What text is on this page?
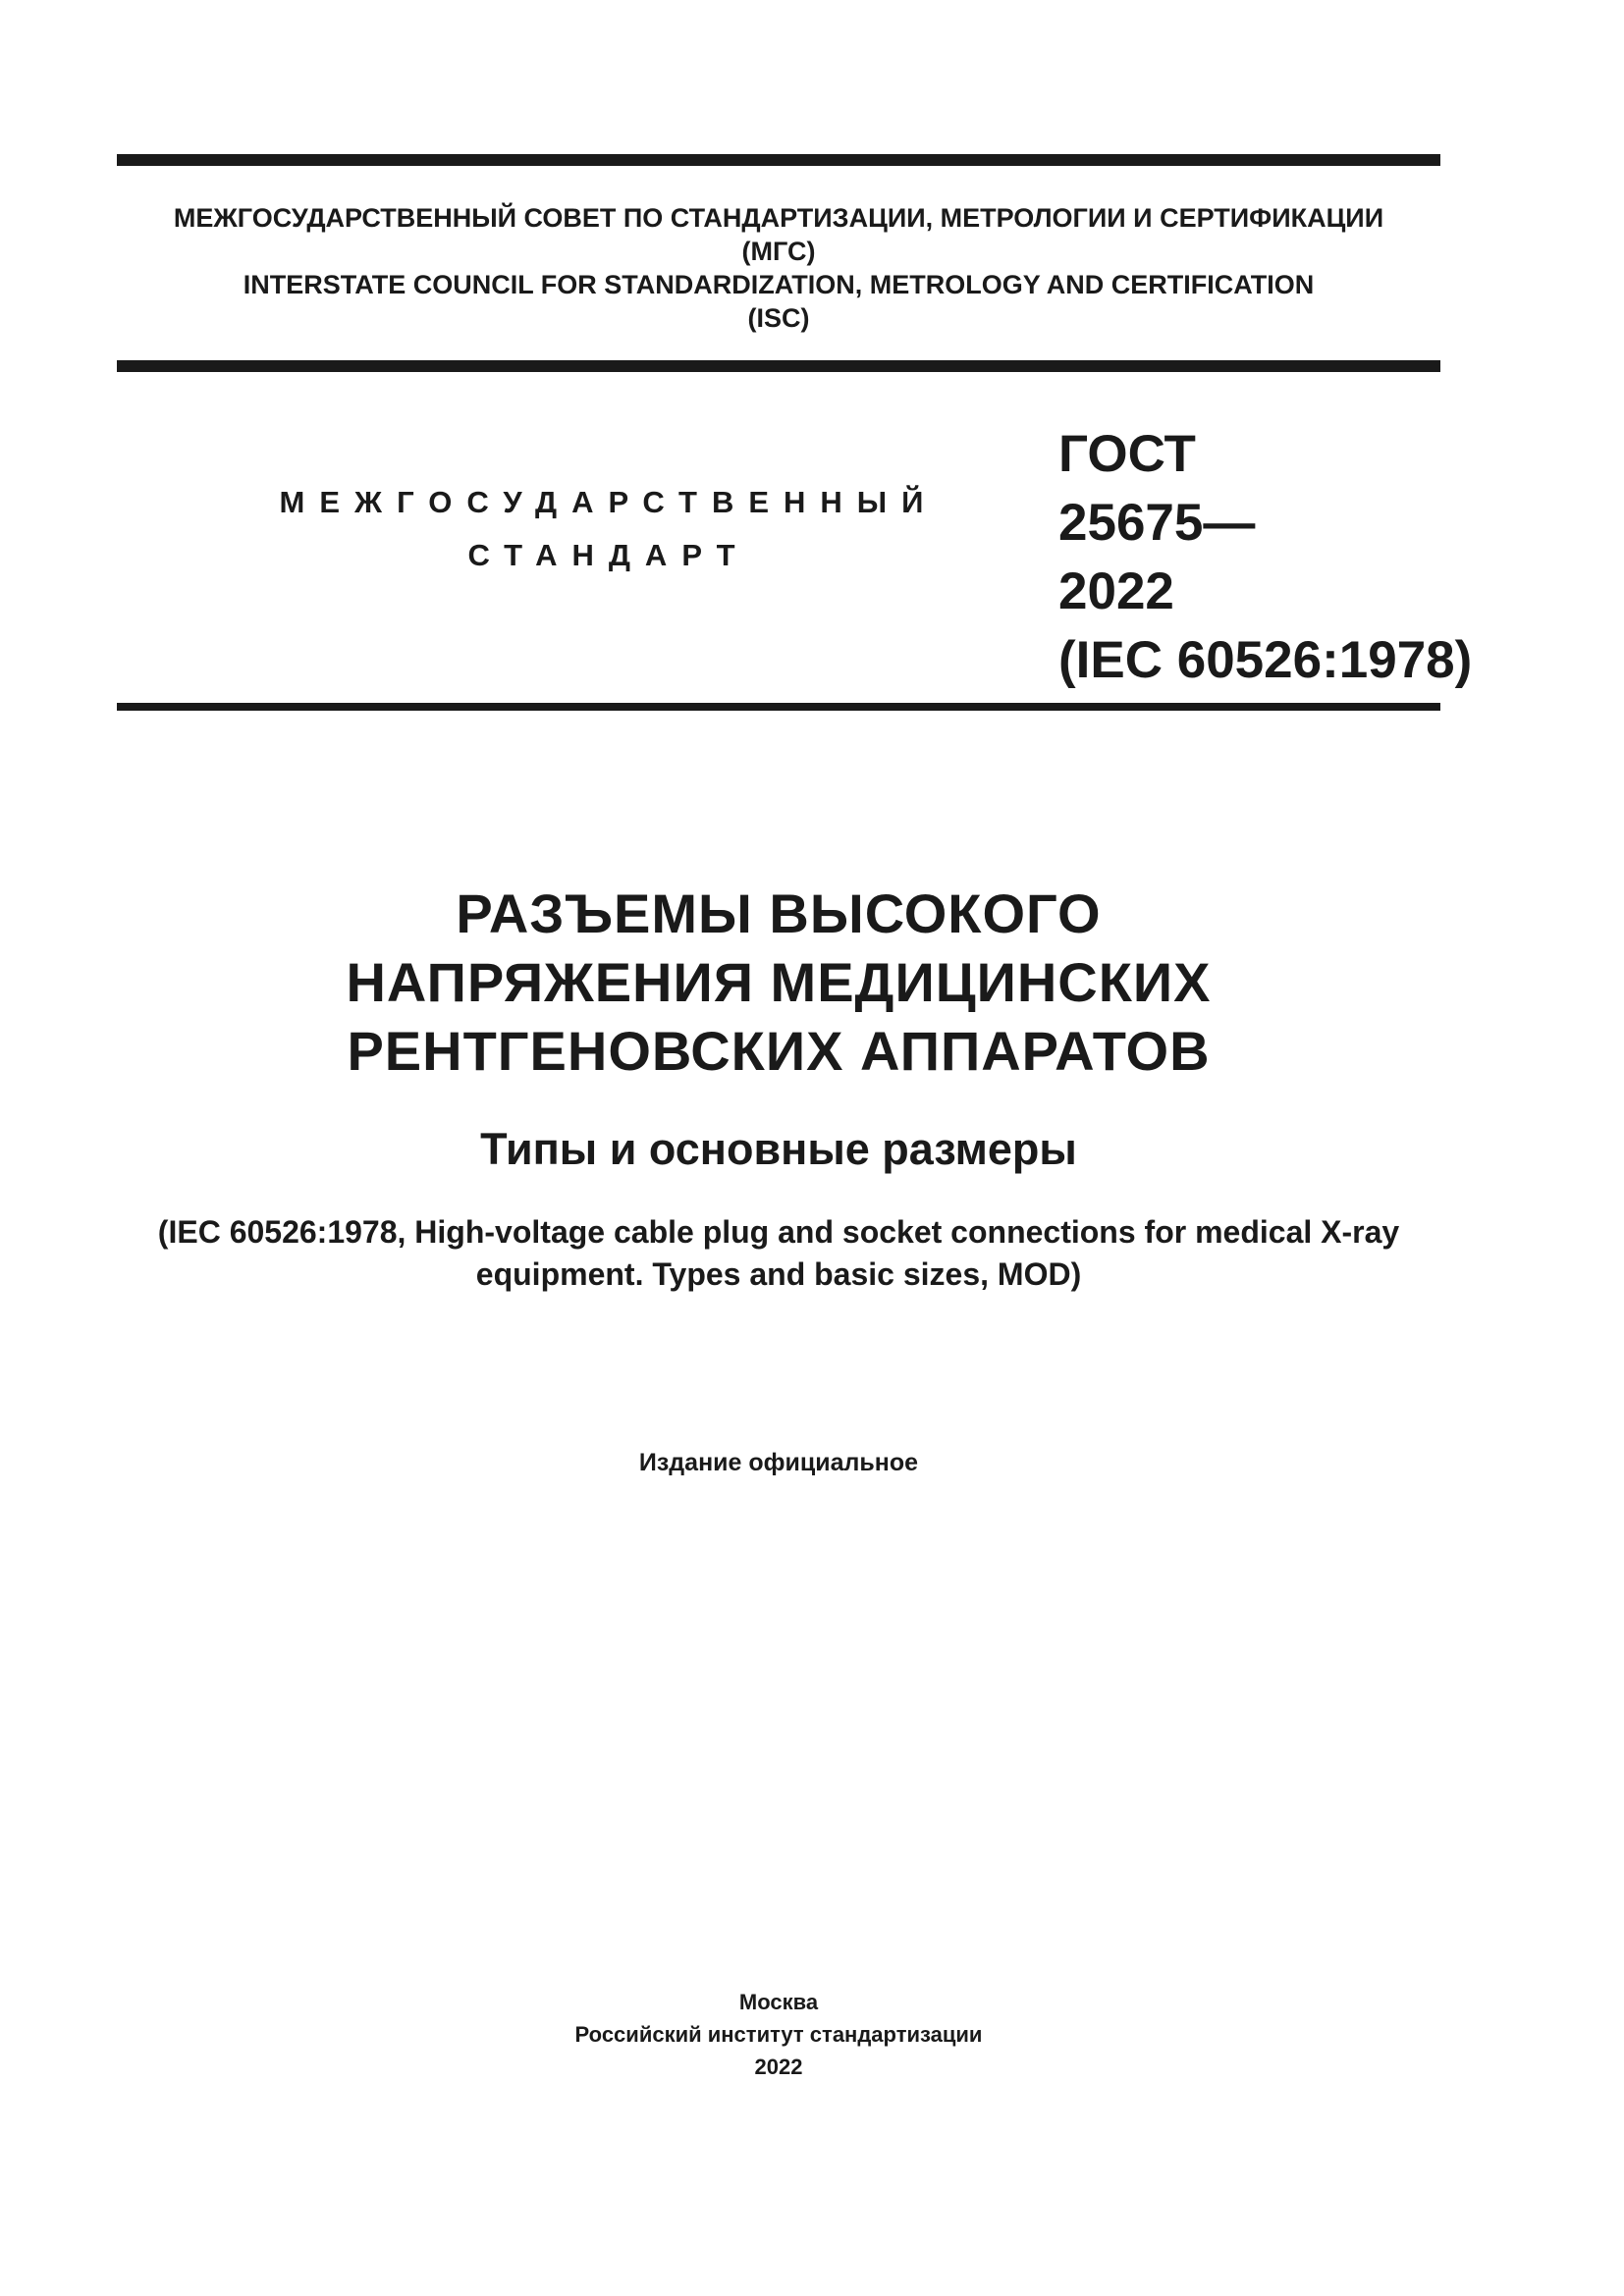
МЕЖГОСУДАРСТВЕННЫЙ СОВЕТ ПО СТАНДАРТИЗАЦИИ, МЕТРОЛОГИИ И СЕРТИФИКАЦИИ
(МГС)
INTERSTATE COUNCIL FOR STANDARDIZATION, METROLOGY AND CERTIFICATION
(ISC)
МЕЖГОСУДАРСТВЕННЫЙ
СТАНДАРТ
ГОСТ
25675—
2022
(IEC 60526:1978)
РАЗЪЕМЫ ВЫСОКОГО
НАПРЯЖЕНИЯ МЕДИЦИНСКИХ
РЕНТГЕНОВСКИХ АППАРАТОВ
Типы и основные размеры
(IEC 60526:1978, High-voltage cable plug and socket connections for medical X-ray
equipment. Types and basic sizes, MOD)
Издание официальное
Москва
Российский институт стандартизации
2022
